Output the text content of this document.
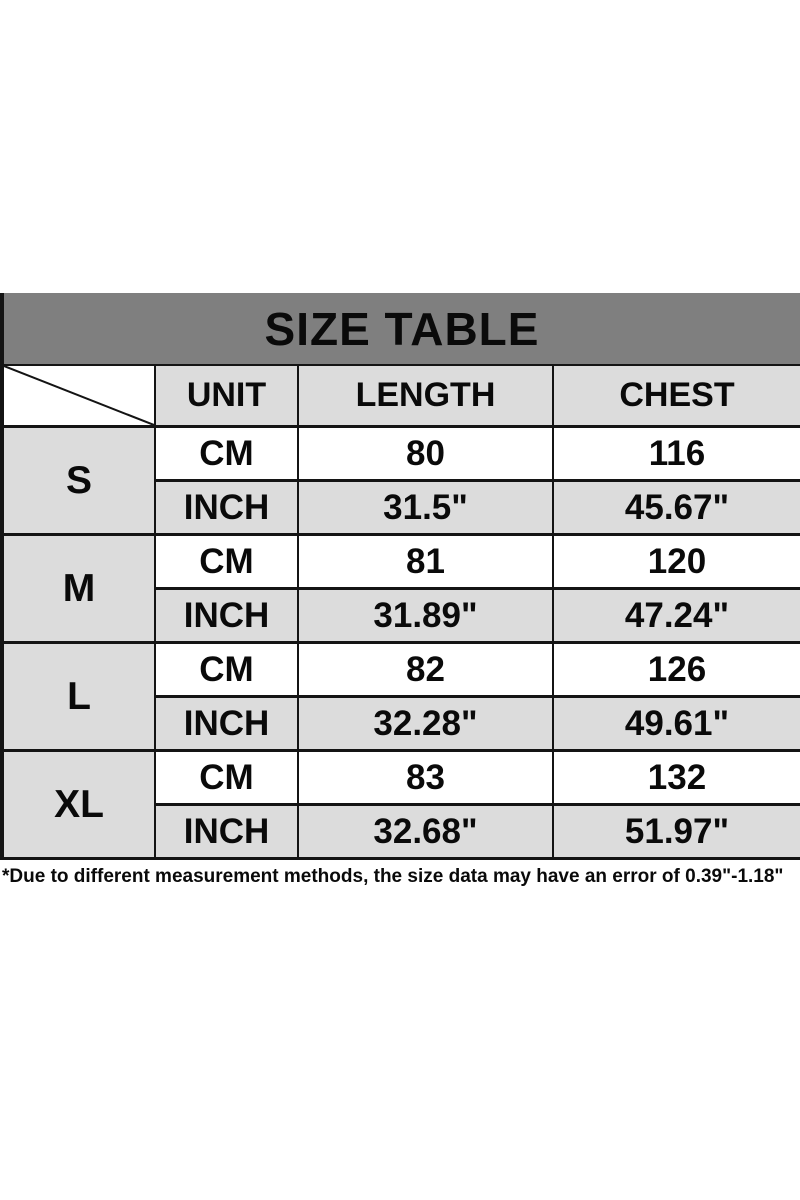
SIZE TABLE
	UNIT	LENGTH	CHEST
S	CM	80	116
	INCH	31.5"	45.67"
M	CM	81	120
	INCH	31.89"	47.24"
L	CM	82	126
	INCH	32.28"	49.61"
XL	CM	83	132
	INCH	32.68"	51.97"
*Due to different measurement methods, the size data may have an error of 0.39"-1.18"
